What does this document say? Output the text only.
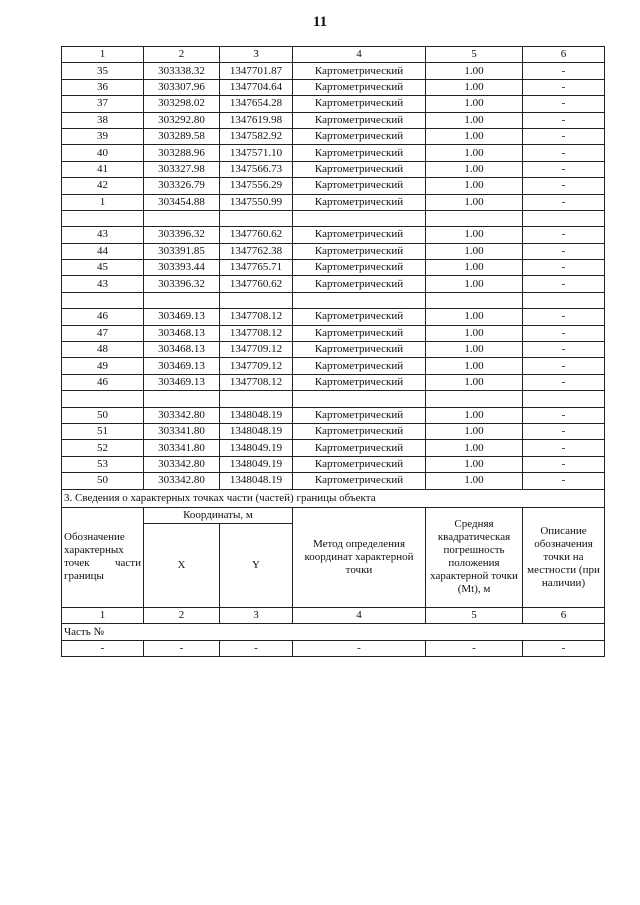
11
1	2	3	4	5	6
35	303338.32	1347701.87	Картометрический	1.00	-
36	303307.96	1347704.64	Картометрический	1.00	-
37	303298.02	1347654.28	Картометрический	1.00	-
38	303292.80	1347619.98	Картометрический	1.00	-
39	303289.58	1347582.92	Картометрический	1.00	-
40	303288.96	1347571.10	Картометрический	1.00	-
41	303327.98	1347566.73	Картометрический	1.00	-
42	303326.79	1347556.29	Картометрический	1.00	-
1	303454.88	1347550.99	Картометрический	1.00	-

43	303396.32	1347760.62	Картометрический	1.00	-
44	303391.85	1347762.38	Картометрический	1.00	-
45	303393.44	1347765.71	Картометрический	1.00	-
43	303396.32	1347760.62	Картометрический	1.00	-

46	303469.13	1347708.12	Картометрический	1.00	-
47	303468.13	1347708.12	Картометрический	1.00	-
48	303468.13	1347709.12	Картометрический	1.00	-
49	303469.13	1347709.12	Картометрический	1.00	-
46	303469.13	1347708.12	Картометрический	1.00	-

50	303342.80	1348048.19	Картометрический	1.00	-
51	303341.80	1348048.19	Картометрический	1.00	-
52	303341.80	1348049.19	Картометрический	1.00	-
53	303342.80	1348049.19	Картометрический	1.00	-
50	303342.80	1348048.19	Картометрический	1.00	-
3. Сведения о характерных точках части (частей) границы объекта					
Обозначение характерных точек части границы	Координаты, м		Метод определения координат характерной точки	Средняя квадратическая погрешность положения характерной точки (Mt), м	Описание обозначения точки на местности (при наличии)
	X	Y			
1	2	3	4	5	6
Часть №					
-	-	-	-	-	-
